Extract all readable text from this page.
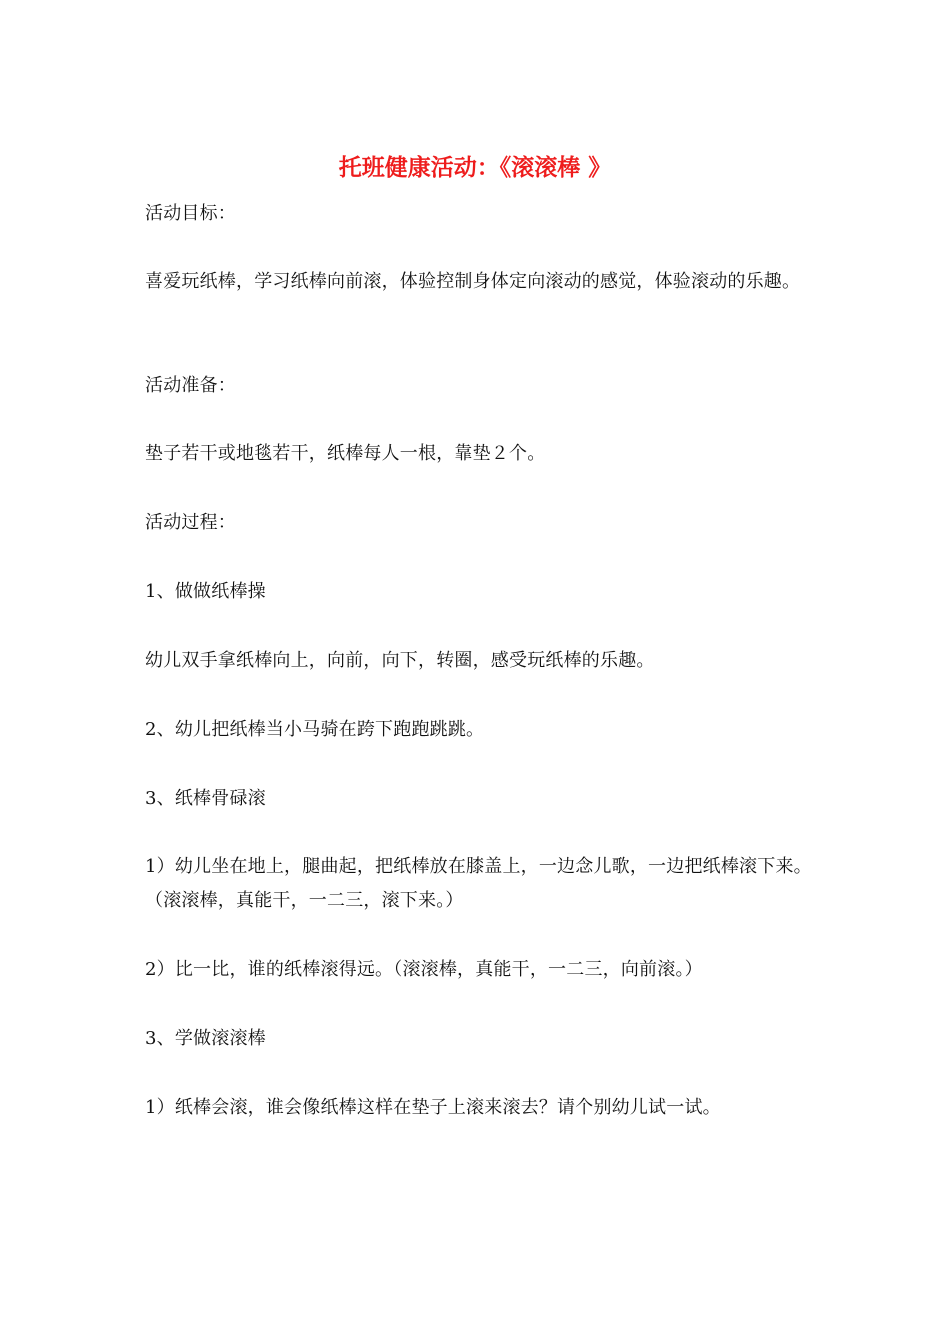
托班健康活动：《滚滚棒 》

活动目标：

喜爱玩纸棒，学习纸棒向前滚，体验控制身体定向滚动的感觉，体验滚动的乐趣。

活动准备：

垫子若干或地毯若干，纸棒每人一根，靠垫２个。

活动过程：

1、做做纸棒操

幼儿双手拿纸棒向上，向前，向下，转圈，感受玩纸棒的乐趣。

2、幼儿把纸棒当小马骑在跨下跑跑跳跳。

3、纸棒骨碌滚

1）幼儿坐在地上，腿曲起，把纸棒放在膝盖上，一边念儿歌，一边把纸棒滚下来。（滚滚棒，真能干，一二三，滚下来。）

2）比一比，谁的纸棒滚得远。（滚滚棒，真能干，一二三，向前滚。）

3、学做滚滚棒

1）纸棒会滚，谁会像纸棒这样在垫子上滚来滚去？请个别幼儿试一试。
